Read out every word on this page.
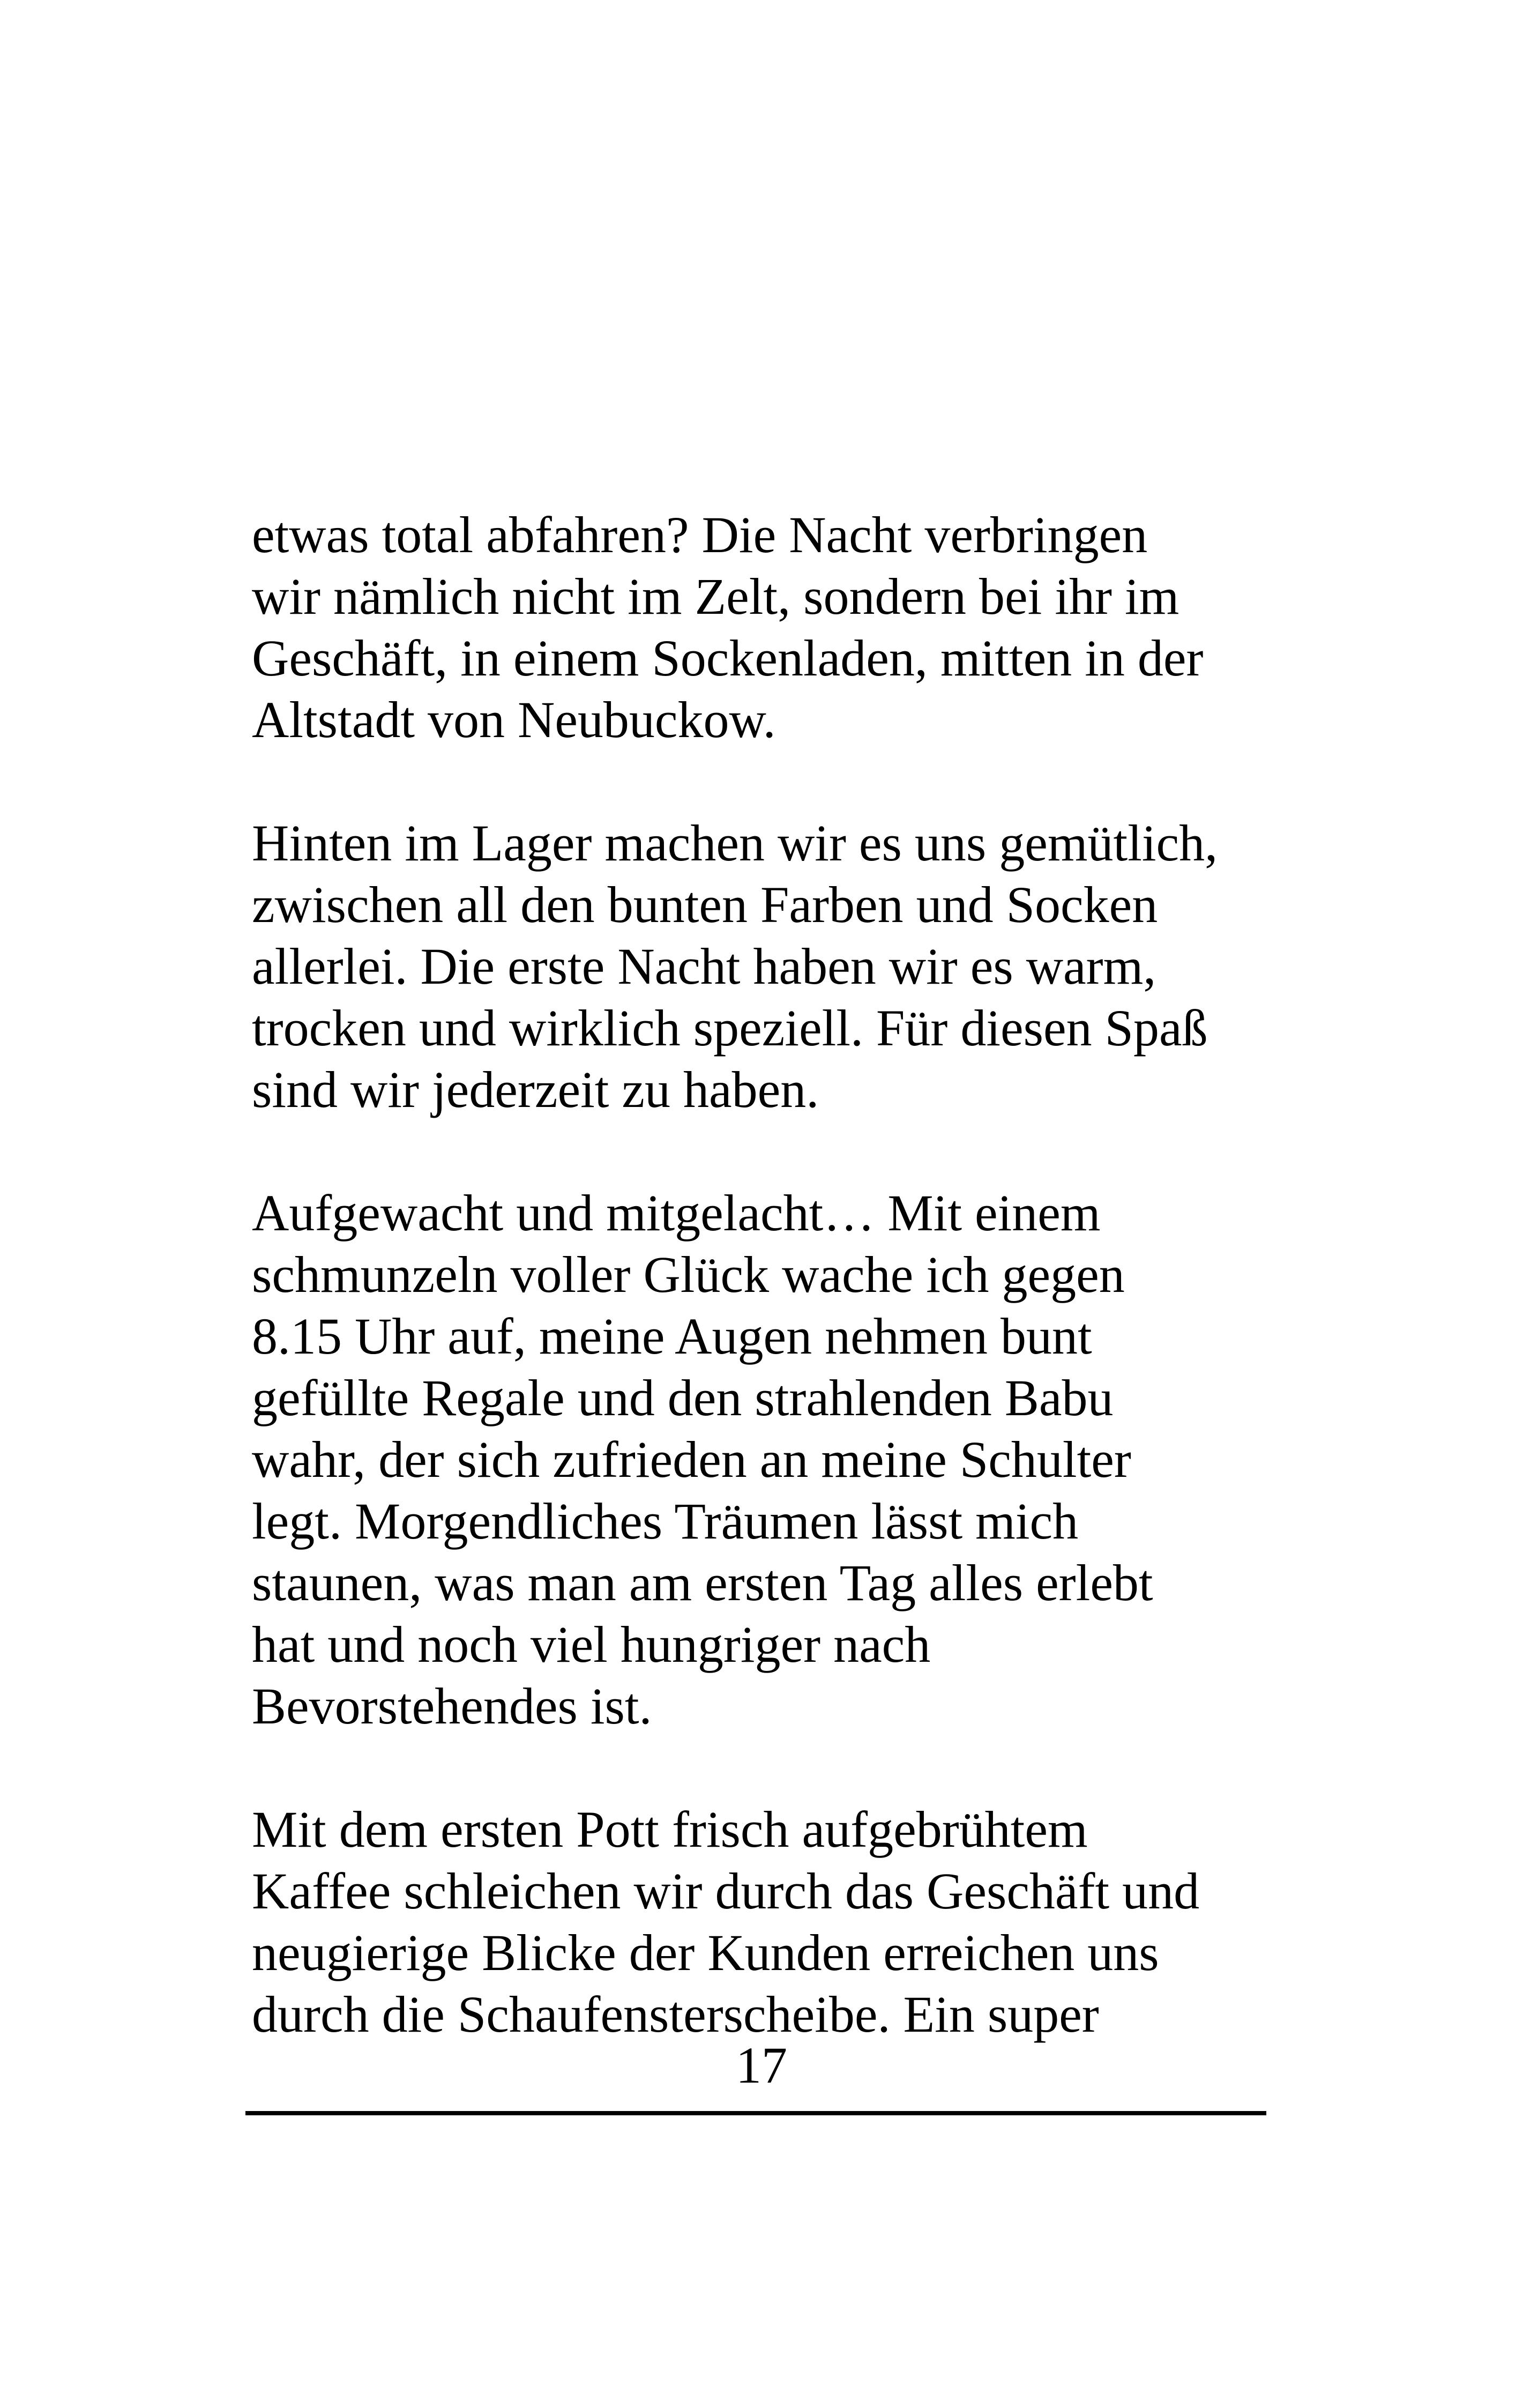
etwas total abfahren? Die Nacht verbringen
wir nämlich nicht im Zelt, sondern bei ihr im
Geschäft, in einem Sockenladen, mitten in der
Altstadt von Neubuckow.

Hinten im Lager machen wir es uns gemütlich,
zwischen all den bunten Farben und Socken
allerlei. Die erste Nacht haben wir es warm,
trocken und wirklich speziell. Für diesen Spaß
sind wir jederzeit zu haben.

Aufgewacht und mitgelacht… Mit einem
schmunzeln voller Glück wache ich gegen
8.15 Uhr auf, meine Augen nehmen bunt
gefüllte Regale und den strahlenden Babu
wahr, der sich zufrieden an meine Schulter
legt. Morgendliches Träumen lässt mich
staunen, was man am ersten Tag alles erlebt
hat und noch viel hungriger nach
Bevorstehendes ist.

Mit dem ersten Pott frisch aufgebrühtem
Kaffee schleichen wir durch das Geschäft und
neugierige Blicke der Kunden erreichen uns
durch die Schaufensterscheibe. Ein super

17
